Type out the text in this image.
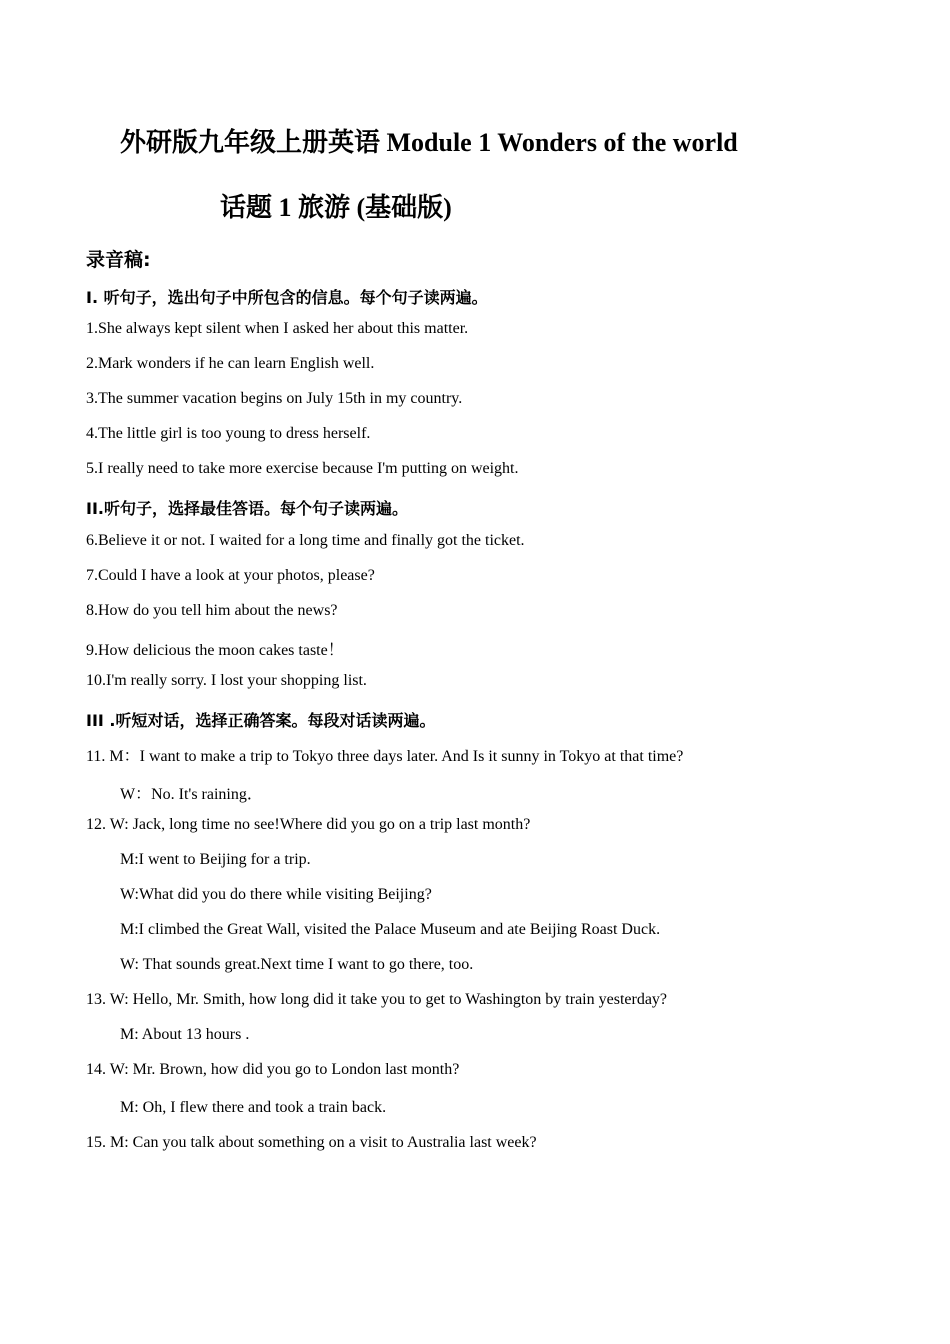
外研版九年级上册英语 Module 1 Wonders of the world
话题 1 旅游 (基础版)
录音稿:
I. 听句子，选出句子中所包含的信息。每个句子读两遍。
1.She always kept silent when I asked her about this matter.
2.Mark wonders if he can learn English well.
3.The summer vacation begins on July 15th in my country.
4.The little girl is too young to dress herself.
5.I really need to take more exercise because I'm putting on weight.
II.听句子，选择最佳答语。每个句子读两遍。
6.Believe it or not. I waited for a long time and finally got the ticket.
7.Could I have a look at your photos, please?
8.How do you tell him about the news?
9.How delicious the moon cakes taste！
10.I'm really sorry. I lost your shopping list.
III .听短对话，选择正确答案。每段对话读两遍。
11. M：I want to make a trip to Tokyo three days later. And Is it sunny in Tokyo at that time?
W：No. It's raining．
12. W: Jack, long time no see!Where did you go on a trip last month?
M:I went to Beijing for a trip.
W:What did you do there while visiting Beijing?
M:I climbed the Great Wall, visited the Palace Museum and ate Beijing Roast Duck.
W: That sounds great.Next time I want to go there, too.
13. W: Hello, Mr. Smith, how long did it take you to get to Washington by train yesterday?
M: About 13 hours .
14. W: Mr. Brown, how did you go to London last month?
M: Oh, I flew there and took a train back.
15. M: Can you talk about something on a visit to Australia last week?
